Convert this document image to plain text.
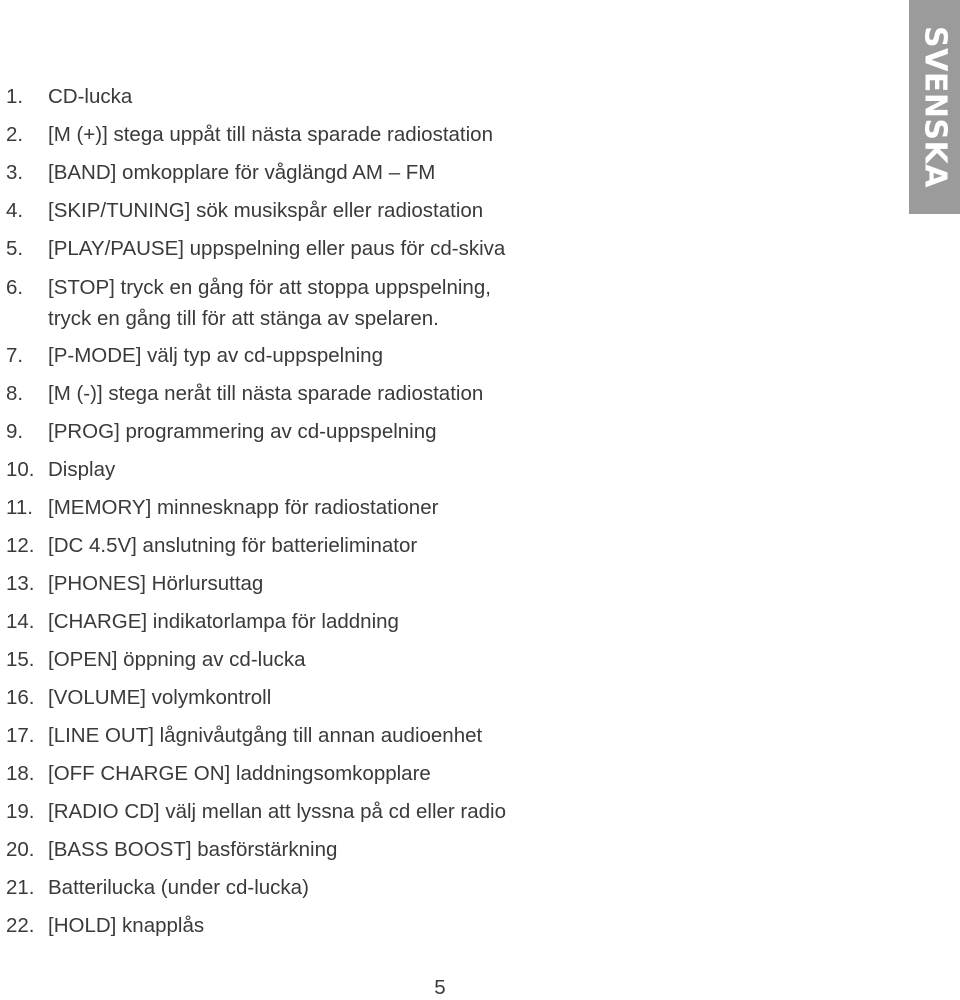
SVENSKA
1.	CD-lucka
2.	[M (+)] stega uppåt till nästa sparade radiostation
3.	[BAND] omkopplare för våglängd AM – FM
4.	[SKIP/TUNING] sök musikspår eller radiostation
5.	[PLAY/PAUSE] uppspelning eller paus för cd-skiva
6.	[STOP] tryck en gång för att stoppa uppspelning,
tryck en gång till för att stänga av spelaren.
7.	[P-MODE] välj typ av cd-uppspelning
8.	[M (-)] stega neråt till nästa sparade radiostation
9.	[PROG] programmering av cd-uppspelning
10. Display
11. [MEMORY] minnesknapp för radiostationer
12. [DC 4.5V] anslutning för batterieliminator
13. [PHONES] Hörlursuttag
14. [CHARGE] indikatorlampa för laddning
15. [OPEN] öppning av cd-lucka
16. [VOLUME] volymkontroll
17. [LINE OUT] lågnivåutgång till annan audioenhet
18. [OFF CHARGE ON] laddningsomkopplare
19. [RADIO CD] välj mellan att lyssna på cd eller radio
20. [BASS BOOST] basförstärkning
21. Batterilucka (under cd-lucka)
22. [HOLD] knapplås
5
